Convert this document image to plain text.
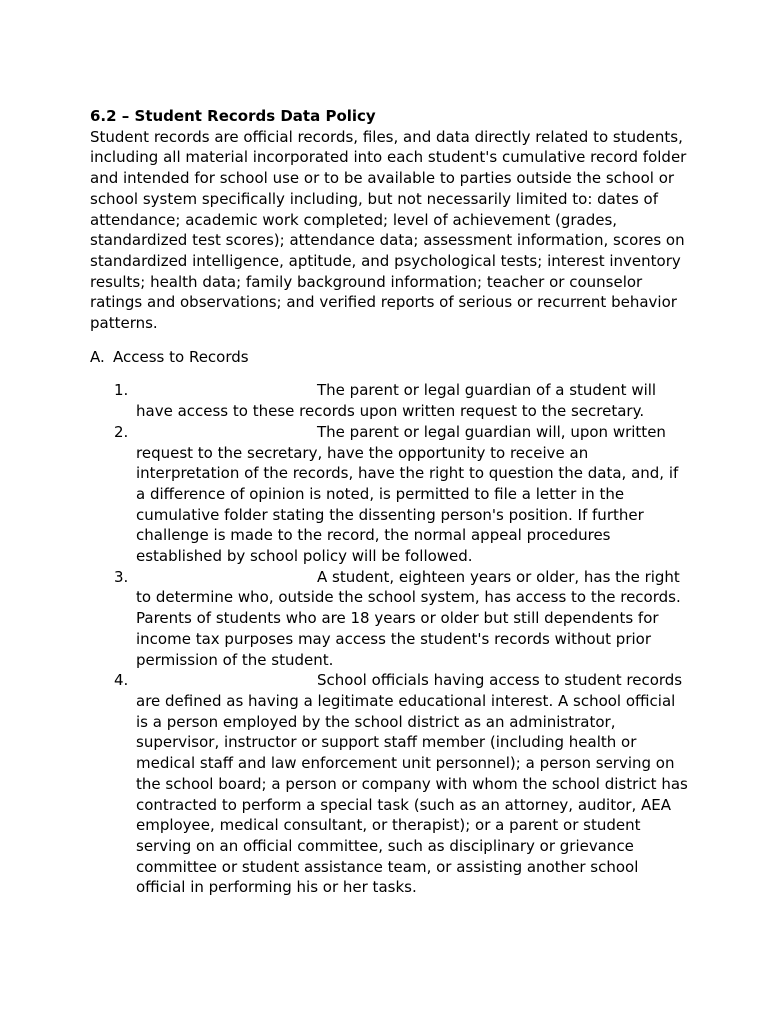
6.2 – Student Records Data Policy

Student records are official records, files, and data directly related to students, including all material incorporated into each student's cumulative record folder and intended for school use or to be available to parties outside the school or school system specifically including, but not necessarily limited to: dates of attendance; academic work completed; level of achievement (grades, standardized test scores); attendance data; assessment information, scores on standardized intelligence, aptitude, and psychological tests; interest inventory results; health data; family background information; teacher or counselor ratings and observations; and verified reports of serious or recurrent behavior patterns.

A. Access to Records
1.	The parent or legal guardian of a student will have access to these records upon written request to the secretary.
2.	The parent or legal guardian will, upon written request to the secretary, have the opportunity to receive an interpretation of the records, have the right to question the data, and, if a difference of opinion is noted, is permitted to file a letter in the cumulative folder stating the dissenting person's position. If further challenge is made to the record, the normal appeal procedures established by school policy will be followed.
3.	A student, eighteen years or older, has the right to determine who, outside the school system, has access to the records. Parents of students who are 18 years or older but still dependents for income tax purposes may access the student's records without prior permission of the student.
4.	School officials having access to student records are defined as having a legitimate educational interest. A school official is a person employed by the school district as an administrator, supervisor, instructor or support staff member (including health or medical staff and law enforcement unit personnel); a person serving on the school board; a person or company with whom the school district has contracted to perform a special task (such as an attorney, auditor, AEA employee, medical consultant, or therapist); or a parent or student serving on an official committee, such as disciplinary or grievance committee or student assistance team, or assisting another school official in performing his or her tasks.
